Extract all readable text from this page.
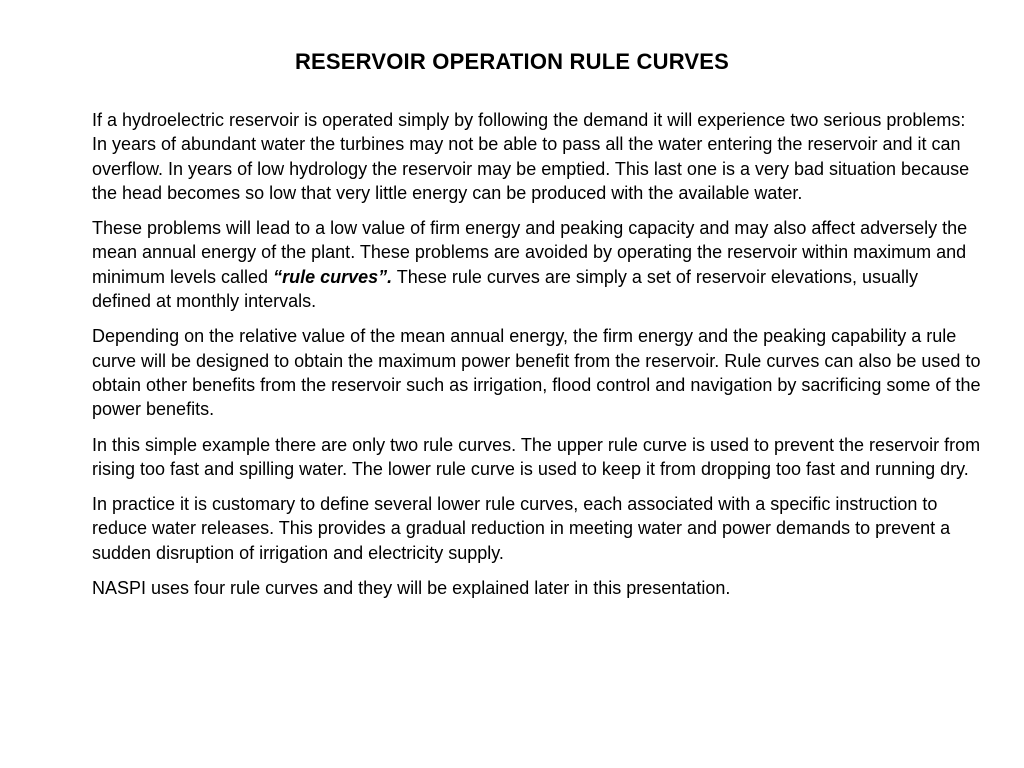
RESERVOIR OPERATION RULE CURVES

If a hydroelectric reservoir is operated simply by following the demand it will experience two serious problems: In years of abundant water the turbines may not be able to pass all the water entering the reservoir and it can overflow. In years of low hydrology the reservoir may be emptied. This last one is a very bad situation because the head becomes so low that very little energy can be produced with the available water.

These problems will lead to a low value of firm energy and peaking capacity and may also affect adversely the mean annual energy of the plant. These problems are avoided by operating the reservoir within maximum and minimum levels called “rule curves”. These rule curves are simply a set of reservoir elevations, usually defined at monthly intervals.

Depending on the relative value of the mean annual energy, the firm energy and the peaking capability a rule curve will be designed to obtain the maximum power benefit from the reservoir. Rule curves can also be used to obtain other benefits from the reservoir such as irrigation, flood control and navigation by sacrificing some of the power benefits.

In this simple example there are only two rule curves. The upper rule curve is used to prevent the reservoir from rising too fast and spilling water. The lower rule curve is used to keep it from dropping too fast and running dry.

In practice it is customary to define several lower rule curves, each associated with a specific instruction to reduce water releases. This provides a gradual reduction in meeting water and power demands to prevent a sudden disruption of irrigation and electricity supply.

NASPI uses four rule curves and they will be explained later in this presentation.
